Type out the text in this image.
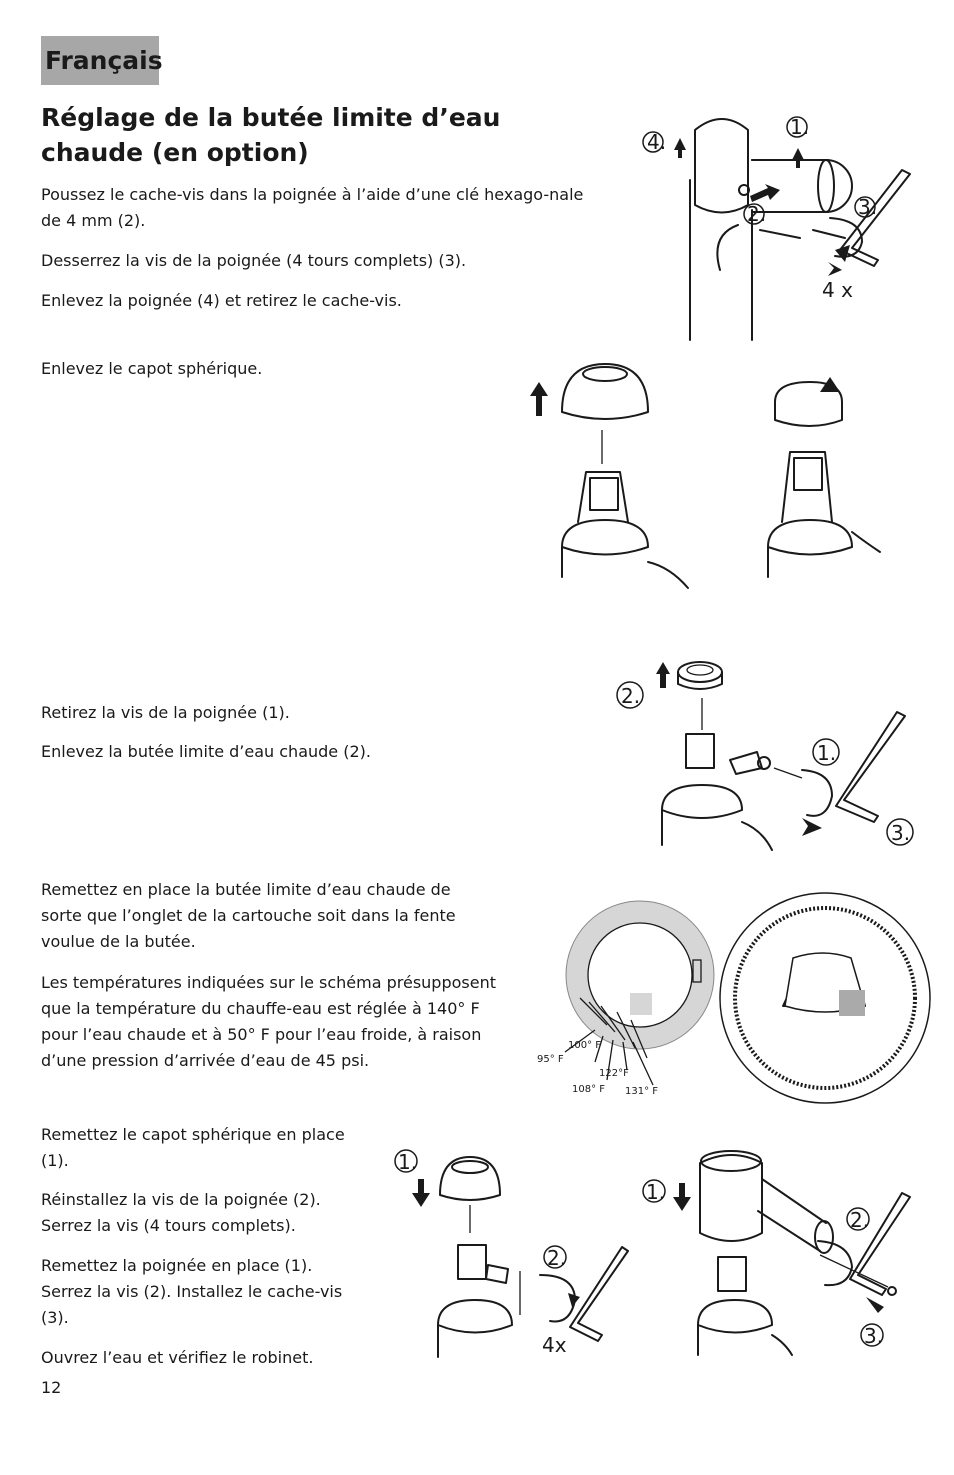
Français
Réglage de la butée limite d’eau chaude (en option)

Poussez le cache-vis dans la poignée à l’aide d’une clé hexago-nale de 4 mm (2).

Desserrez la vis de la poignée (4 tours complets) (3).

Enlevez la poignée (4) et retirez le cache-vis.

Enlevez le capot sphérique.

Retirez la vis de la poignée (1).

Enlevez la butée limite d’eau chaude (2).

Remettez en place la butée limite d’eau chaude de sorte que l’onglet de la cartouche soit dans la fente voulue de la butée.

Les températures indiquées sur le schéma présupposent que la température du chauffe-eau est réglée à 140° F pour l’eau chaude et à 50° F pour l’eau froide, à raison d’une pression d’arrivée d’eau de 45 psi.

Remettez le capot sphérique en place (1).

Réinstallez la vis de la poignée (2). Serrez la vis (4 tours complets).

Remettez la poignée en place (1). Serrez la vis (2). Installez le cache-vis (3).

Ouvrez l’eau et vérifiez le robinet.

12
4.
1.
2.	3.
4 x
2.
1.
3.
95° F
100° F
108° F
122°F
131° F
1.
2.
4x
1.
2.
3.
